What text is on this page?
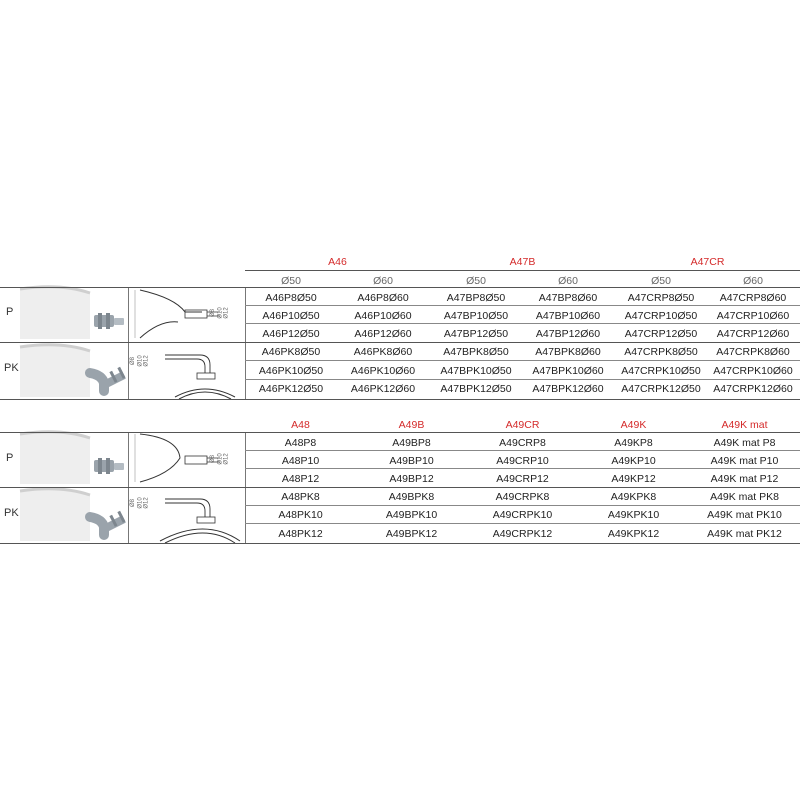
Ø8 Ø10 Ø12
Ø8 Ø10 Ø12
P
PK
A46	A47B	A47CR
Ø50	Ø60	Ø50	Ø60	Ø50	Ø60
A46P8Ø50	A46P8Ø60	A47BP8Ø50	A47BP8Ø60	A47CRP8Ø50	A47CRP8Ø60
A46P10Ø50	A46P10Ø60	A47BP10Ø50	A47BP10Ø60	A47CRP10Ø50	A47CRP10Ø60
A46P12Ø50	A46P12Ø60	A47BP12Ø50	A47BP12Ø60	A47CRP12Ø50	A47CRP12Ø60
A46PK8Ø50	A46PK8Ø60	A47BPK8Ø50	A47BPK8Ø60	A47CRPK8Ø50	A47CRPK8Ø60
A46PK10Ø50	A46PK10Ø60	A47BPK10Ø50	A47BPK10Ø60	A47CRPK10Ø50	A47CRPK10Ø60
A46PK12Ø50	A46PK12Ø60	A47BPK12Ø50	A47BPK12Ø60	A47CRPK12Ø50	A47CRPK12Ø60
Ø8 Ø10 Ø12
Ø8 Ø10 Ø12
P
PK
A48	A49B	A49CR	A49K	A49K mat
A48P8	A49BP8	A49CRP8	A49KP8	A49K mat P8
A48P10	A49BP10	A49CRP10	A49KP10	A49K mat P10
A48P12	A49BP12	A49CRP12	A49KP12	A49K mat P12
A48PK8	A49BPK8	A49CRPK8	A49KPK8	A49K mat PK8
A48PK10	A49BPK10	A49CRPK10	A49KPK10	A49K mat PK10
A48PK12	A49BPK12	A49CRPK12	A49KPK12	A49K mat PK12
